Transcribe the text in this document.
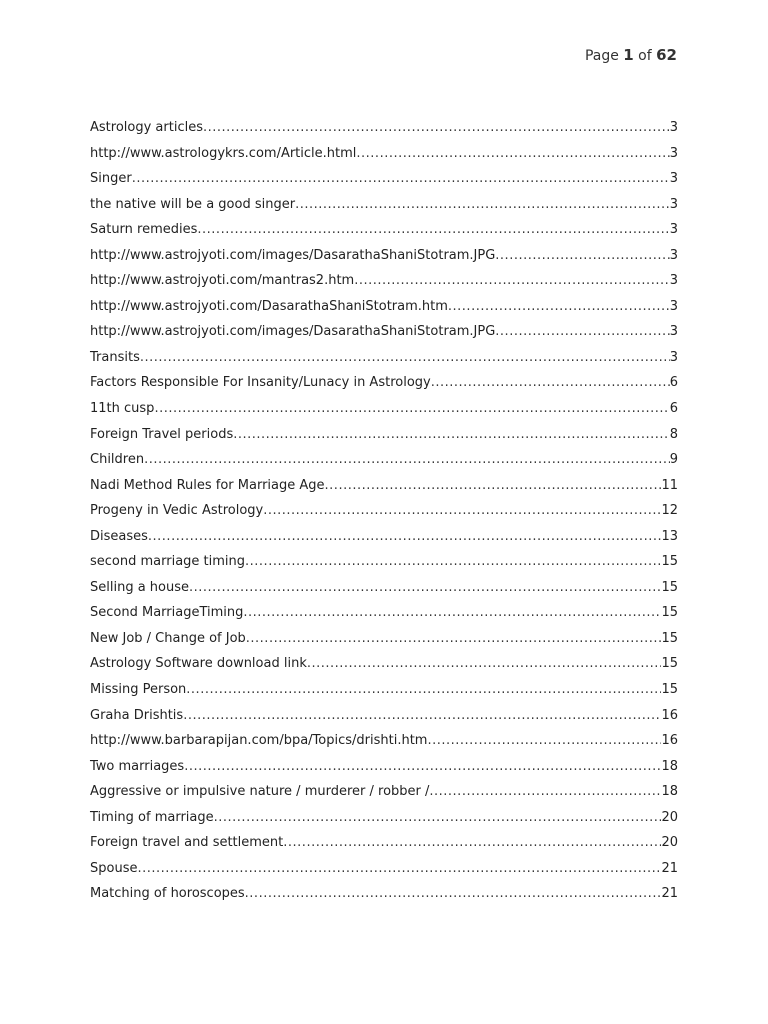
Page 1 of 62
Astrology articles .....	3
http://www.astrologykrs.com/Article.html .....	3
Singer .....	3
the native will be a good singer .....	3
Saturn remedies .....	3
http://www.astrojyoti.com/images/DasarathaShaniStotram.JPG .....	3
http://www.astrojyoti.com/mantras2.htm .....	3
http://www.astrojyoti.com/DasarathaShaniStotram.htm .....	3
http://www.astrojyoti.com/images/DasarathaShaniStotram.JPG .....	3
Transits .....	3
Factors Responsible For Insanity/Lunacy in Astrology .....	6
11th cusp .....	6
Foreign Travel periods .....	8
Children .....	9
Nadi Method Rules for Marriage Age .....	11
Progeny in Vedic Astrology .....	12
Diseases .....	13
second marriage timing .....	15
Selling a house .....	15
Second MarriageTiming .....	15
New Job / Change of Job .....	15
Astrology Software download link .....	15
Missing Person .....	15
Graha Drishtis .....	16
http://www.barbarapijan.com/bpa/Topics/drishti.htm .....	16
Two marriages .....	18
Aggressive or impulsive nature / murderer / robber / .....	18
Timing of marriage .....	20
Foreign travel and settlement .....	20
Spouse .....	21
Matching of horoscopes .....	21
